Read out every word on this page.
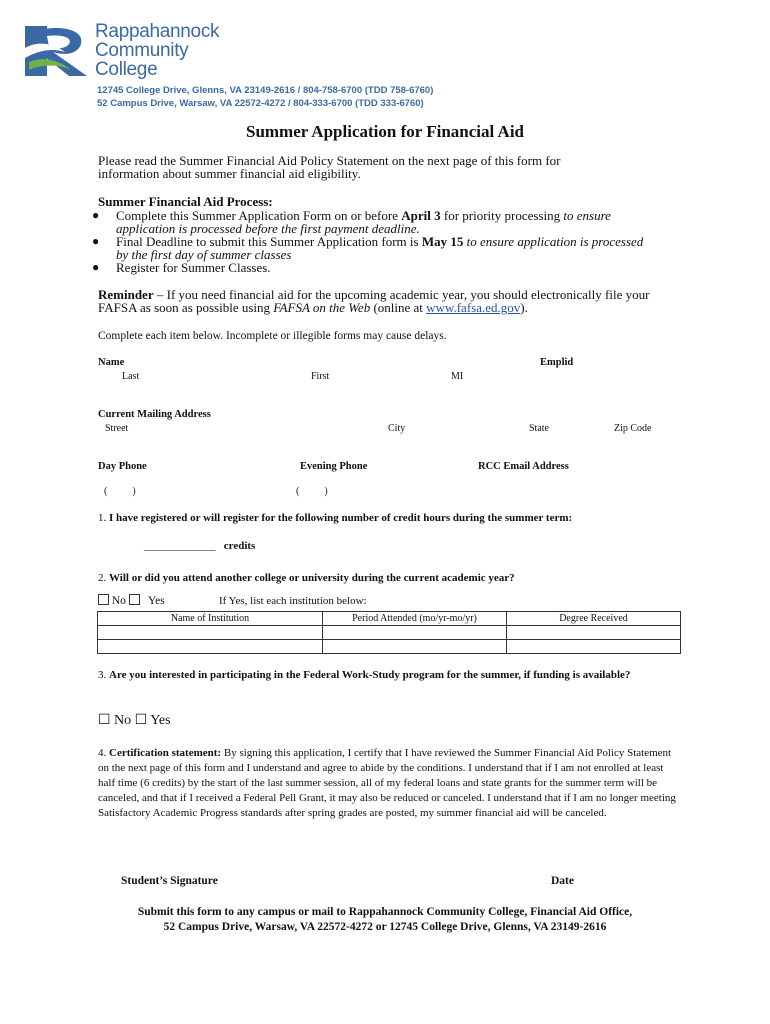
Rappahannock
Community
College
12745 College Drive, Glenns, VA 23149-2616 / 804-758-6700 (TDD 758-6760)
52 Campus Drive, Warsaw, VA 22572-4272 / 804-333-6700 (TDD 333-6760)
Summer Application for Financial Aid
Please read the Summer Financial Aid Policy Statement on the next page of this form for information about summer financial aid eligibility.
Summer Financial Aid Process:
● Complete this Summer Application Form on or before April 3 for priority processing to ensure application is processed before the first payment deadline.
● Final Deadline to submit this Summer Application form is May 15 to ensure application is processed by the first day of summer classes
● Register for Summer Classes.
Reminder – If you need financial aid for the upcoming academic year, you should electronically file your FAFSA as soon as possible using FAFSA on the Web (online at www.fafsa.ed.gov).
Complete each item below. Incomplete or illegible forms may cause delays.
Name	Emplid
Last	First	MI
Current Mailing Address
Street	City	State	Zip Code
Day Phone	Evening Phone	RCC Email Address
(          )	(          )
1. I have registered or will register for the following number of credit hours during the summer term:
_____________ credits
2. Will or did you attend another college or university during the current academic year?
No Yes	If Yes, list each institution below:
Name of Institution	Period Attended (mo/yr-mo/yr)	Degree Received

3. Are you interested in participating in the Federal Work-Study program for the summer, if funding is available?
☐ No ☐ Yes
4. Certification statement: By signing this application, I certify that I have reviewed the Summer Financial Aid Policy Statement on the next page of this form and I understand and agree to abide by the conditions. I understand that if I am not enrolled at least half time (6 credits) by the start of the last summer session, all of my federal loans and state grants for the summer term will be canceled, and that if I received a Federal Pell Grant, it may also be reduced or canceled. I understand that if I am no longer meeting Satisfactory Academic Progress standards after spring grades are posted, my summer financial aid will be canceled.
Student’s Signature	Date
Submit this form to any campus or mail to Rappahannock Community College, Financial Aid Office,
52 Campus Drive, Warsaw, VA 22572-4272 or 12745 College Drive, Glenns, VA 23149-2616
